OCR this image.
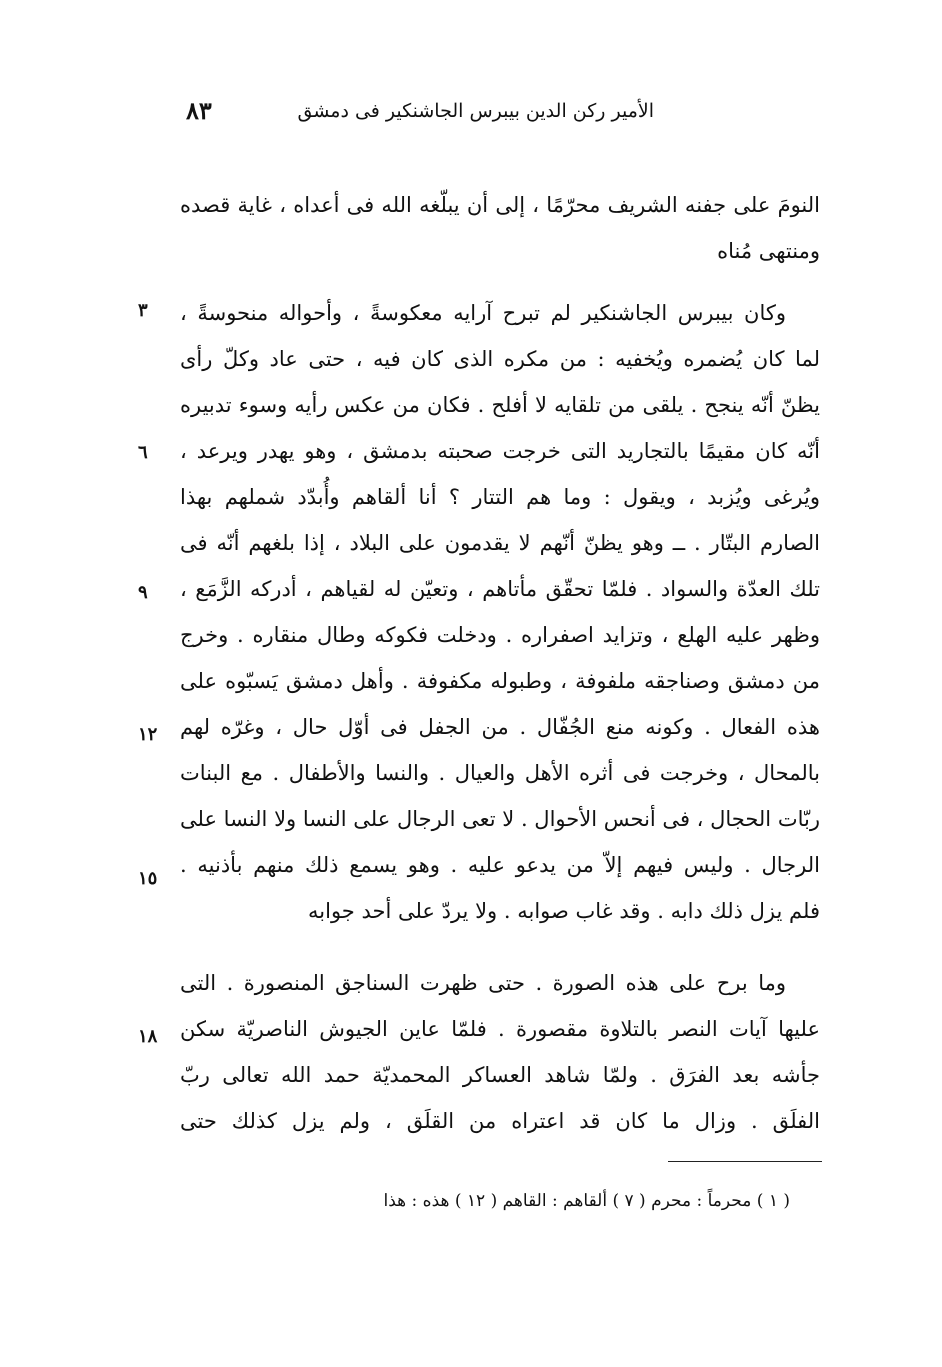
٨٣	الأمير ركن الدين بيبرس الجاشنكير فى دمشق
النومَ على جفنه الشريف محرّمًا ، إلى أن يبلّغه الله فى أعداه ، غاية قصده
ومنتهى مُناه
وكان بيبرس الجاشنكير لم تبرح آرايه معكوسةً ، وأحواله منحوسةً ،
لما كان يُضمره ويُخفيه : من مكره الذى كان فيه ، حتى عاد وكلّ رأى
يظنّ أنّه ينجح . يلقى من تلقايه لا أفلح . فكان من عكس رأيه وسوء تدبيره
أنّه كان مقيمًا بالتجاريد التى خرجت صحبته بدمشق ، وهو يهدر ويرعد ،
ويُرغى ويُزبد ، ويقول : وما هم التتار ؟ أنا ألقاهم وأُبدّد شملهم بهذا
الصارم البتّار . ــ وهو يظنّ أنّهم لا يقدمون على البلاد ، إذا بلغهم أنّه فى
تلك العدّة والسواد . فلمّا تحقّق مأتاهم ، وتعيّن له لقياهم ، أدركه الزَّمَع ،
وظهر عليه الهلع ، وتزايد اصفراره . ودخلت فكوكه وطال منقاره . وخرج
من دمشق وصناجقه ملفوفة ، وطبوله مكفوفة . وأهل دمشق يَسبّوه على
هذه الفعال . وكونه منع الجُفّال . من الجفل فى أوّل حال ، وغرّه لهم
بالمحال ، وخرجت فى أثره الأهل والعيال . والنسا والأطفال . مع البنات
ربّات الحجال ، فى أنحس الأحوال . لا تعى الرجال على النسا ولا النسا على
الرجال . وليس فيهم إلاّ من يدعو عليه . وهو يسمع ذلك منهم بأذنيه .
فلم يزل ذلك دابه . وقد غاب صوابه . ولا يردّ على أحد جوابه
وما برح على هذه الصورة . حتى ظهرت السناجق المنصورة . التى
عليها آيات النصر بالتلاوة مقصورة . فلمّا عاين الجيوش الناصريّة سكن
جأشه بعد الفرَق . ولمّا شاهد العساكر المحمديّة حمد الله تعالى ربّ
الفلَق . وزال ما كان قد اعتراه من القلَق ، ولم يزل كذلك حتى
٣
٦
٩
١٢
١٥
١٨
( ١ ) محرماً : محرم ( ٧ ) ألقاهم : القاهم ( ١٢ ) هذه : هذا
